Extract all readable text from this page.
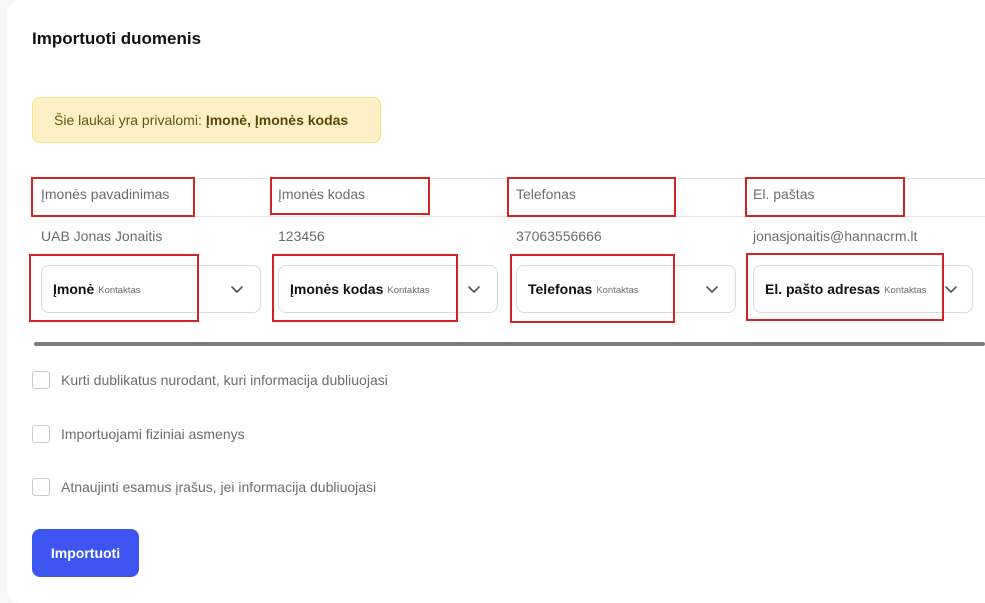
Importuoti duomenis
Šie laukai yra privalomi: Įmonė, Įmonės kodas
Įmonės pavadinimas	Įmonės kodas	Telefonas	El. paštas
UAB Jonas Jonaitis	123456	37063556666	jonasjonaitis@hannacrm.lt
Įmonė Kontaktas	Įmonės kodas Kontaktas	Telefonas Kontaktas	El. pašto adresas Kontaktas
Kurti dublikatus nurodant, kuri informacija dubliuojasi
Importuojami fiziniai asmenys
Atnaujinti esamus įrašus, jei informacija dubliuojasi
Importuoti
